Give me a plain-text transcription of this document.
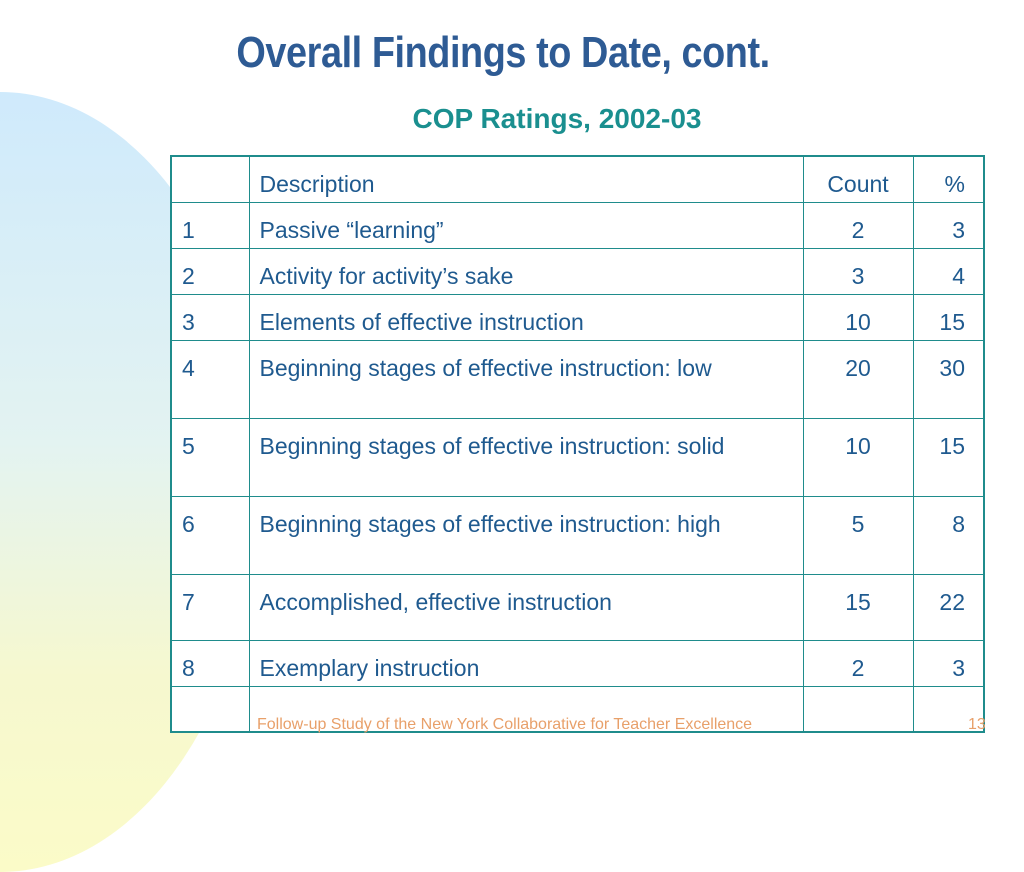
Overall Findings to Date, cont.
COP Ratings, 2002-03
	Description	Count	%
1	Passive “learning”	2	3
2	Activity for activity’s sake	3	4
3	Elements of effective instruction	10	15
4	Beginning stages of effective instruction: low	20	30
5	Beginning stages of effective instruction: solid	10	15
6	Beginning stages of effective instruction: high	5	8
7	Accomplished, effective instruction	15	22
8	Exemplary instruction	2	3

Follow-up Study of the New York Collaborative for Teacher Excellence	13
